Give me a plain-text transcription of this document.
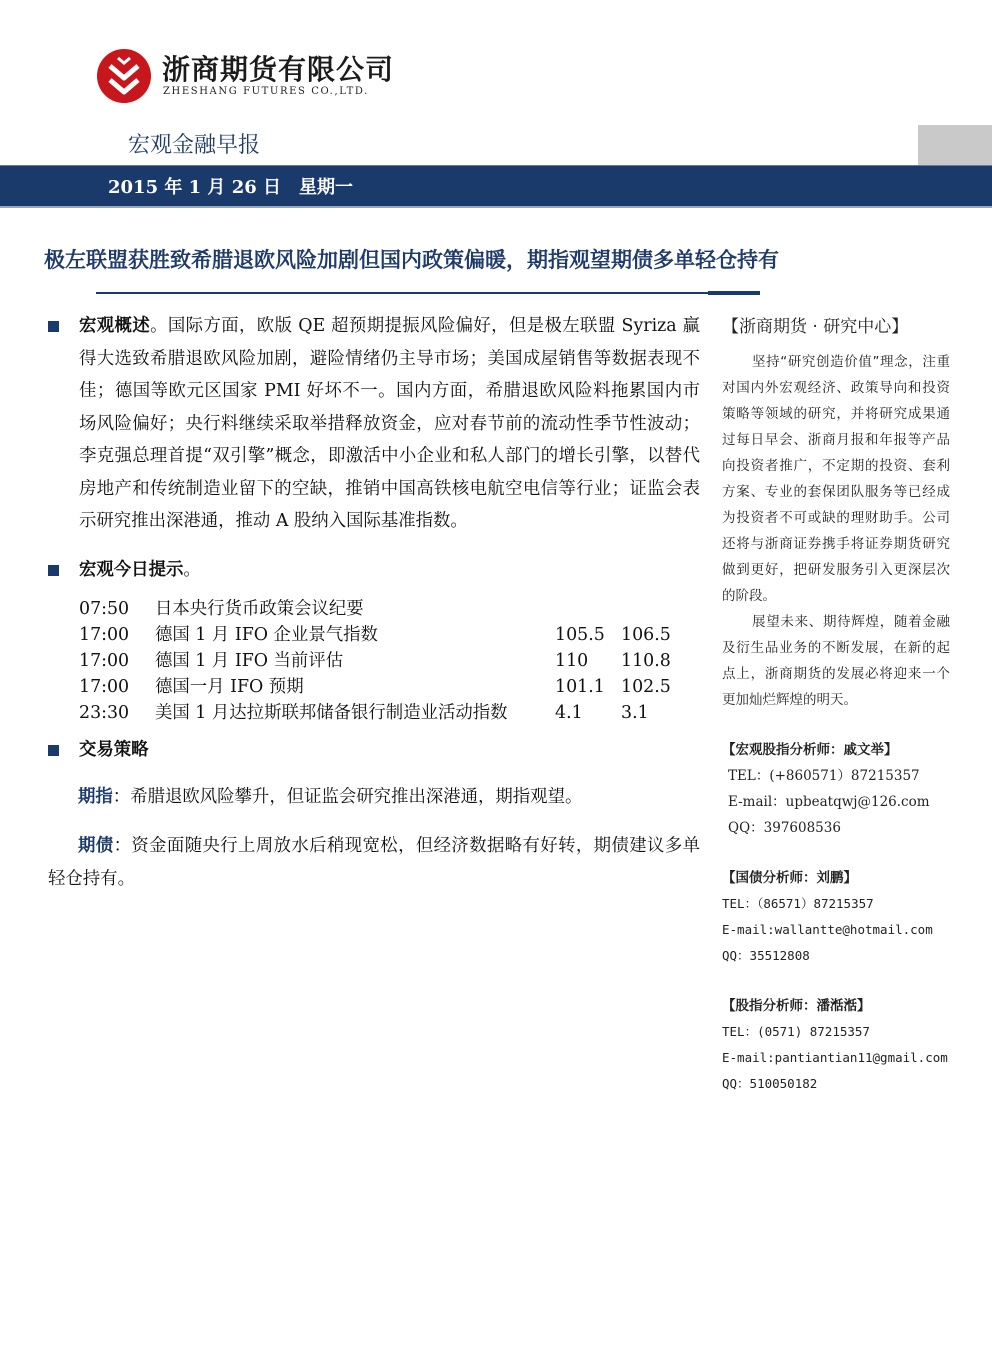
浙商期货有限公司
ZHESHANG FUTURES CO.,LTD.
宏观金融早报
2015 年 1 月 26 日 星期一
极左联盟获胜致希腊退欧风险加剧但国内政策偏暖，期指观望期债多单轻仓持有
宏观概述。国际方面，欧版 QE 超预期提振风险偏好，但是极左联盟 Syriza 赢得大选致希腊退欧风险加剧，避险情绪仍主导市场；美国成屋销售等数据表现不佳；德国等欧元区国家 PMI 好坏不一。国内方面，希腊退欧风险料拖累国内市场风险偏好；央行料继续采取举措释放资金，应对春节前的流动性季节性波动；李克强总理首提“双引擎”概念，即激活中小企业和私人部门的增长引擎，以替代房地产和传统制造业留下的空缺，推销中国高铁核电航空电信等行业；证监会表示研究推出深港通，推动 A 股纳入国际基准指数。
宏观今日提示。
07:50	日本央行货币政策会议纪要
17:00	德国 1 月 IFO 企业景气指数	105.5 106.5
17:00	德国 1 月 IFO 当前评估	110	110.8
17:00	德国一月 IFO 预期	101.1 102.5
23:30	美国 1 月达拉斯联邦储备银行制造业活动指数	4.1	3.1
交易策略

期指：希腊退欧风险攀升，但证监会研究推出深港通，期指观望。

期债：资金面随央行上周放水后稍现宽松，但经济数据略有好转，期债建议多单轻仓持有。

【浙商期货 · 研究中心】

坚持“研究创造价值”理念，注重对国内外宏观经济、政策导向和投资策略等领域的研究，并将研究成果通过每日早会、浙商月报和年报等产品向投资者推广，不定期的投资、套利方案、专业的套保团队服务等已经成为投资者不可或缺的理财助手。公司还将与浙商证券携手将证券期货研究做到更好，把研发服务引入更深层次的阶段。

展望未来、期待辉煌，随着金融及衍生品业务的不断发展，在新的起点上，浙商期货的发展必将迎来一个更加灿烂辉煌的明天。

【宏观股指分析师：戚文举】
TEL：(+860571）87215357
E-mail：upbeatqwj@126.com
QQ：397608536
【国债分析师：刘鹏】
TEL：（86571）87215357
E-mail:wallantte@hotmail.com
QQ：35512808
【股指分析师：潘湉湉】
TEL：(0571) 87215357
E-mail:pantiantian11@gmail.com
QQ：510050182
